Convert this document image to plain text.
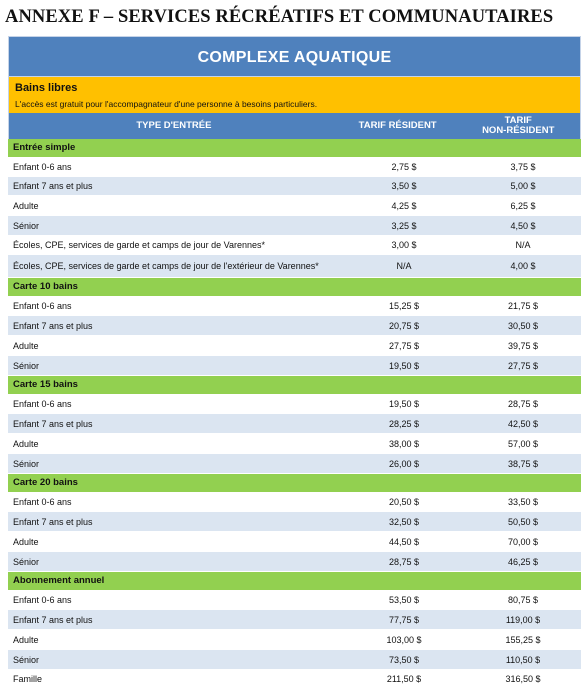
ANNEXE F – SERVICES RÉCRÉATIFS ET COMMUNAUTAIRES
COMPLEXE AQUATIQUE
Bains libres
L'accès est gratuit pour l'accompagnateur d'une personne à besoins particuliers.
TYPE D'ENTRÉE	TARIF RÉSIDENT	TARIF
NON-RÉSIDENT
Entrée simple
Enfant 0-6 ans	2,75 $	3,75 $
Enfant 7 ans et plus	3,50 $	5,00 $
Adulte	4,25 $	6,25 $
Sénior	3,25 $	4,50 $
Écoles, CPE, services de garde et camps de jour de Varennes*	3,00 $	N/A
Écoles, CPE, services de garde et camps de jour de l'extérieur de Varennes*	N/A	4,00 $
Carte 10 bains
Enfant 0-6 ans	15,25 $	21,75 $
Enfant 7 ans et plus	20,75 $	30,50 $
Adulte	27,75 $	39,75 $
Sénior	19,50 $	27,75 $
Carte 15 bains
Enfant 0-6 ans	19,50 $	28,75 $
Enfant 7 ans et plus	28,25 $	42,50 $
Adulte	38,00 $	57,00 $
Sénior	26,00 $	38,75 $
Carte 20 bains
Enfant 0-6 ans	20,50 $	33,50 $
Enfant 7 ans et plus	32,50 $	50,50 $
Adulte	44,50 $	70,00 $
Sénior	28,75 $	46,25 $
Abonnement annuel
Enfant 0-6 ans	53,50 $	80,75 $
Enfant 7 ans et plus	77,75 $	119,00 $
Adulte	103,00 $	155,25 $
Sénior	73,50 $	110,50 $
Famille	211,50 $	316,50 $
